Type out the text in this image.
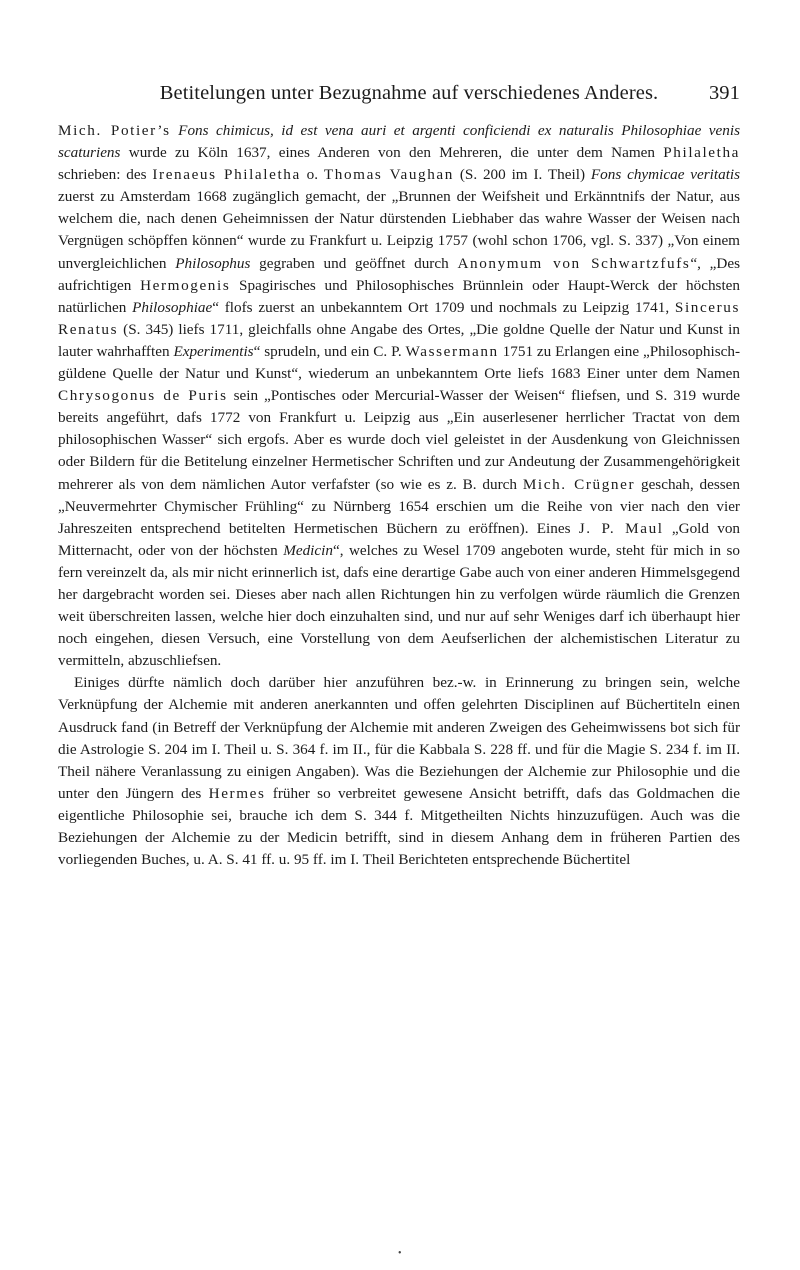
Betitelungen unter Bezugnahme auf verschiedenes Anderes. 391

Mich. Potier’s Fons chimicus, id est vena auri et argenti conficiendi ex naturalis Philosophiae venis scaturiens wurde zu Köln 1637, eines Anderen von den Mehreren, die unter dem Namen Philaletha schrieben: des Irenaeus Philaletha o. Thomas Vaughan (S. 200 im I. Theil) Fons chymicae veritatis zuerst zu Amsterdam 1668 zugänglich gemacht, der „Brunnen der Weifsheit und Erkänntnifs der Natur, aus welchem die, nach denen Geheimnissen der Natur dürstenden Liebhaber das wahre Wasser der Weisen nach Vergnügen schöpffen können“ wurde zu Frankfurt u. Leipzig 1757 (wohl schon 1706, vgl. S. 337) „Von einem unvergleichlichen Philosophus gegraben und geöffnet durch Anonymum von Schwartzfufs“, „Des aufrichtigen Hermogenis Spagirisches und Philosophisches Brünnlein oder Haupt-Werck der höchsten natürlichen Philosophiae“ flofs zuerst an unbekanntem Ort 1709 und nochmals zu Leipzig 1741, Sincerus Renatus (S. 345) liefs 1711, gleichfalls ohne Angabe des Ortes, „Die goldne Quelle der Natur und Kunst in lauter wahrhafften Experimentis“ sprudeln, und ein C. P. Wassermann 1751 zu Erlangen eine „Philosophisch-güldene Quelle der Natur und Kunst“, wiederum an unbekanntem Orte liefs 1683 Einer unter dem Namen Chrysogonus de Puris sein „Pontisches oder Mercurial-Wasser der Weisen“ fliefsen, und S. 319 wurde bereits angeführt, dafs 1772 von Frankfurt u. Leipzig aus „Ein auserlesener herrlicher Tractat von dem philosophischen Wasser“ sich ergofs. Aber es wurde doch viel geleistet in der Ausdenkung von Gleichnissen oder Bildern für die Betitelung einzelner Hermetischer Schriften und zur Andeutung der Zusammengehörigkeit mehrerer als von dem nämlichen Autor verfafster (so wie es z. B. durch Mich. Crügner geschah, dessen „Neuvermehrter Chymischer Frühling“ zu Nürnberg 1654 erschien um die Reihe von vier nach den vier Jahreszeiten entsprechend betitelten Hermetischen Büchern zu eröffnen). Eines J. P. Maul „Gold von Mitternacht, oder von der höchsten Medicin“, welches zu Wesel 1709 angeboten wurde, steht für mich in so fern vereinzelt da, als mir nicht erinnerlich ist, dafs eine derartige Gabe auch von einer anderen Himmelsgegend her dargebracht worden sei. Dieses aber nach allen Richtungen hin zu verfolgen würde räumlich die Grenzen weit überschreiten lassen, welche hier doch einzuhalten sind, und nur auf sehr Weniges darf ich überhaupt hier noch eingehen, diesen Versuch, eine Vorstellung von dem Aeufserlichen der alchemistischen Literatur zu vermitteln, abzuschliefsen.

Einiges dürfte nämlich doch darüber hier anzuführen bez.-w. in Erinnerung zu bringen sein, welche Verknüpfung der Alchemie mit anderen anerkannten und offen gelehrten Disciplinen auf Büchertiteln einen Ausdruck fand (in Betreff der Verknüpfung der Alchemie mit anderen Zweigen des Geheimwissens bot sich für die Astrologie S. 204 im I. Theil u. S. 364 f. im II., für die Kabbala S. 228 ff. und für die Magie S. 234 f. im II. Theil nähere Veranlassung zu einigen Angaben). Was die Beziehungen der Alchemie zur Philosophie und die unter den Jüngern des Hermes früher so verbreitet gewesene Ansicht betrifft, dafs das Goldmachen die eigentliche Philosophie sei, brauche ich dem S. 344 f. Mitgetheilten Nichts hinzuzufügen. Auch was die Beziehungen der Alchemie zu der Medicin betrifft, sind in diesem Anhang dem in früheren Partien des vorliegenden Buches, u. A. S. 41 ff. u. 95 ff. im I. Theil Berichteten entsprechende Büchertitel

•
